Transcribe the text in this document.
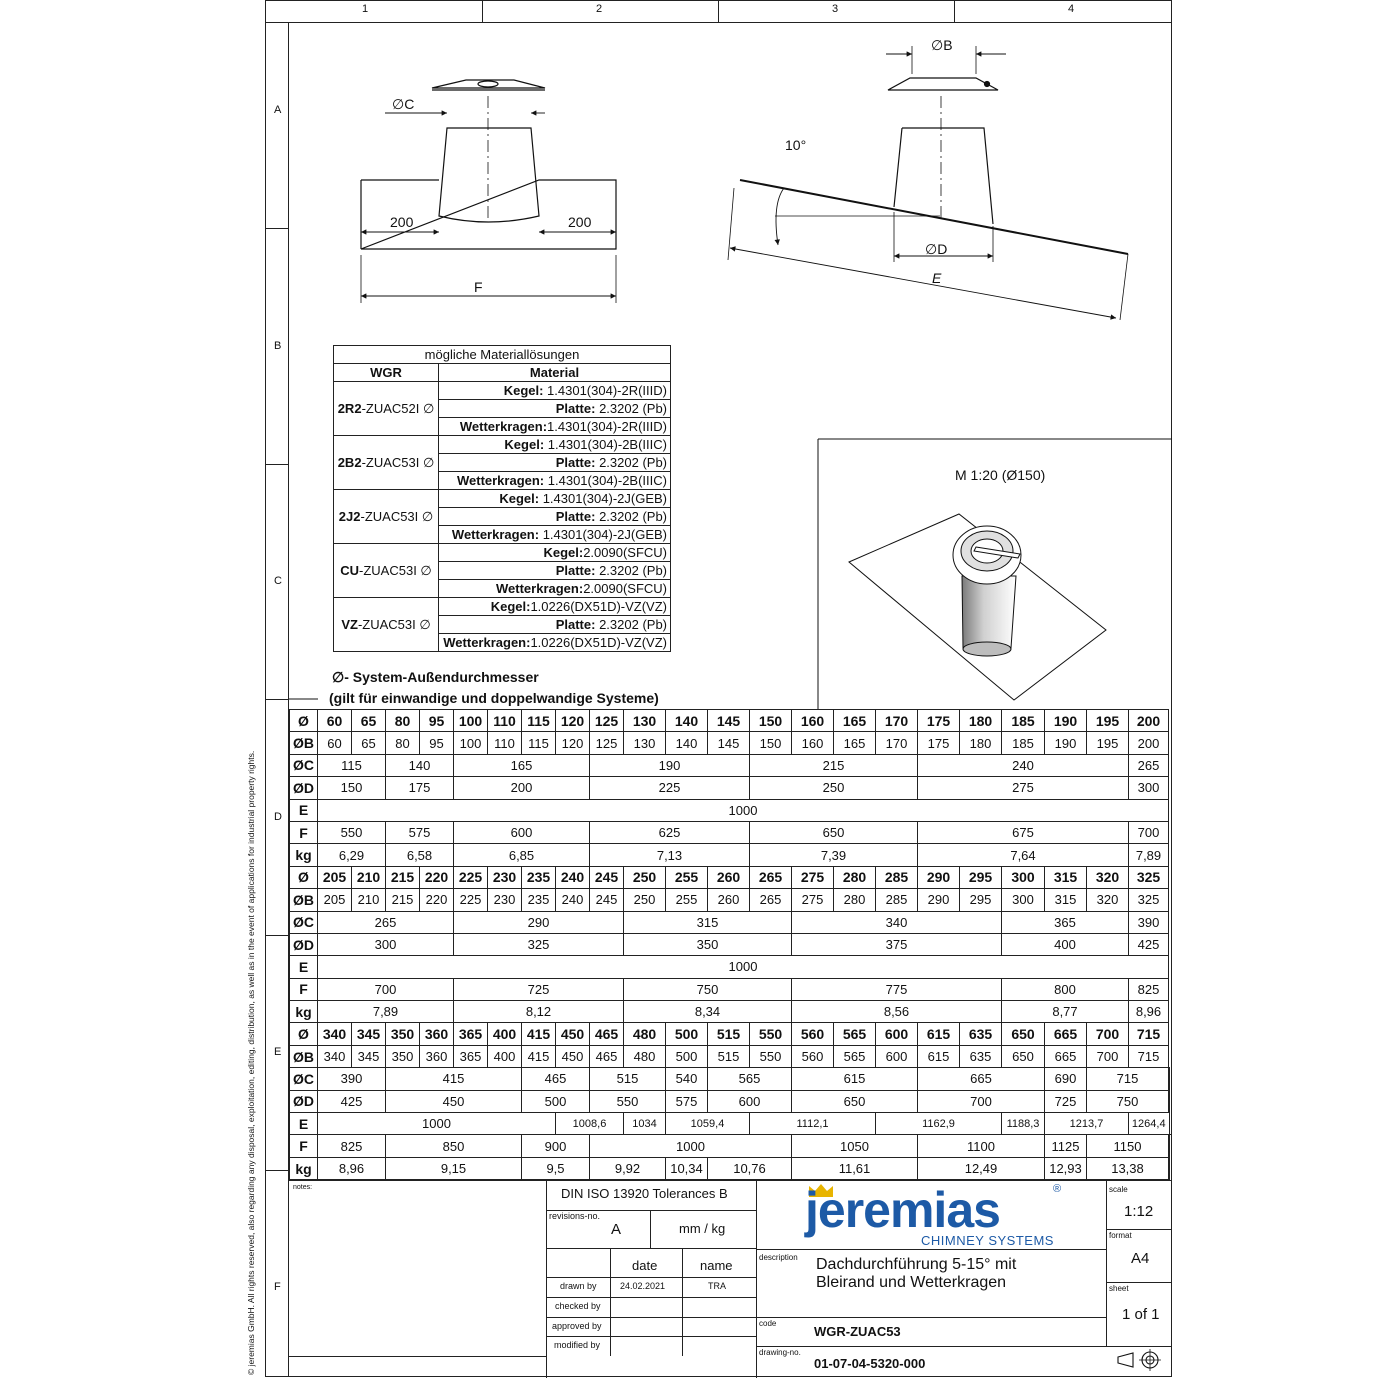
1	2	3	4
A
B
C
D
E
F
© jeremias GmbH. All rights reserved, also regarding any disposal, exploitation, editing, distribution, as well as in the event of applications for industrial property rights.
∅C
200	200
F
∅B
10°
∅D
E
M 1:20 (Ø150)
mögliche Materiallösungen	
WGR	Material
2R2-ZUAC52I ∅	Kegel: 1.4301(304)-2R(IIID)
	Platte: 2.3202 (Pb)
	Wetterkragen:1.4301(304)-2R(IIID)
2B2-ZUAC53I ∅	Kegel: 1.4301(304)-2B(IIIC)
	Platte: 2.3202 (Pb)
	Wetterkragen: 1.4301(304)-2B(IIIC)
2J2-ZUAC53I ∅	Kegel: 1.4301(304)-2J(GEB)
	Platte: 2.3202 (Pb)
	Wetterkragen: 1.4301(304)-2J(GEB)
CU-ZUAC53I ∅	Kegel:2.0090(SFCU)
	Platte: 2.3202 (Pb)
	Wetterkragen:2.0090(SFCU)
VZ-ZUAC53I ∅	Kegel:1.0226(DX51D)-VZ(VZ)
	Platte: 2.3202 (Pb)
	Wetterkragen:1.0226(DX51D)-VZ(VZ)
∅- System-Außendurchmesser
(gilt für einwandige und doppelwandige Systeme)
Ø	60	65	80	95	100	110	115	120	125	130	140	145	150	160	165	170	175	180	185	190	195	200	
ØB	60	65	80	95	100	110	115	120	125	130	140	145	150	160	165	170	175	180	185	190	195	200	
ØC	115		140		165				190				215				240					265	
ØD	150		175		200				225				250				275					300	
E	1000																						
F	550		575		600				625				650				675					700	
kg	6,29		6,58		6,85				7,13				7,39				7,64					7,89	
Ø	205	210	215	220	225	230	235	240	245	250	255	260	265	275	280	285	290	295	300	315	320	325	
ØB	205	210	215	220	225	230	235	240	245	250	255	260	265	275	280	285	290	295	300	315	320	325	
ØC	265				290					315				340					365			390	
ØD	300				325					350				375					400			425	
E	1000																						
F	700				725					750				775					800			825	
kg	7,89				8,12					8,34				8,56					8,77			8,96	
Ø	340	345	350	360	365	400	415	450	465	480	500	515	550	560	565	600	615	635	650	665	700	715	
ØB	340	345	350	360	365	400	415	450	465	480	500	515	550	560	565	600	615	635	650	665	700	715	
ØC	390		415				465		515		540	565		615			665			690	715	
ØD	425		450				500		550		575	600		650			700			725	750	
E	1000							1008,6		1034	1059,4		1112,1			1162,9			1188,3	1213,7		1264,4	
F	825		850				900		1000					1050			1100			1125	1150	
kg	8,96		9,15				9,5		9,92		10,34	10,76		11,61			12,49			12,93	13,38	
notes:	DIN ISO 13920 Tolerances B
revisions-no.
A	mm / kg
date	name
drawn by	24.02.2021	TRA
checked by
approved by
modified by
jeremias	®
CHIMNEY SYSTEMS
description Dachdurchführung 5-15° mit
Bleirand und Wetterkragen
code
WGR-ZUAC53
drawing-no.
01-07-04-5320-000
scale
1:12
format
A4
sheet
1 of 1
